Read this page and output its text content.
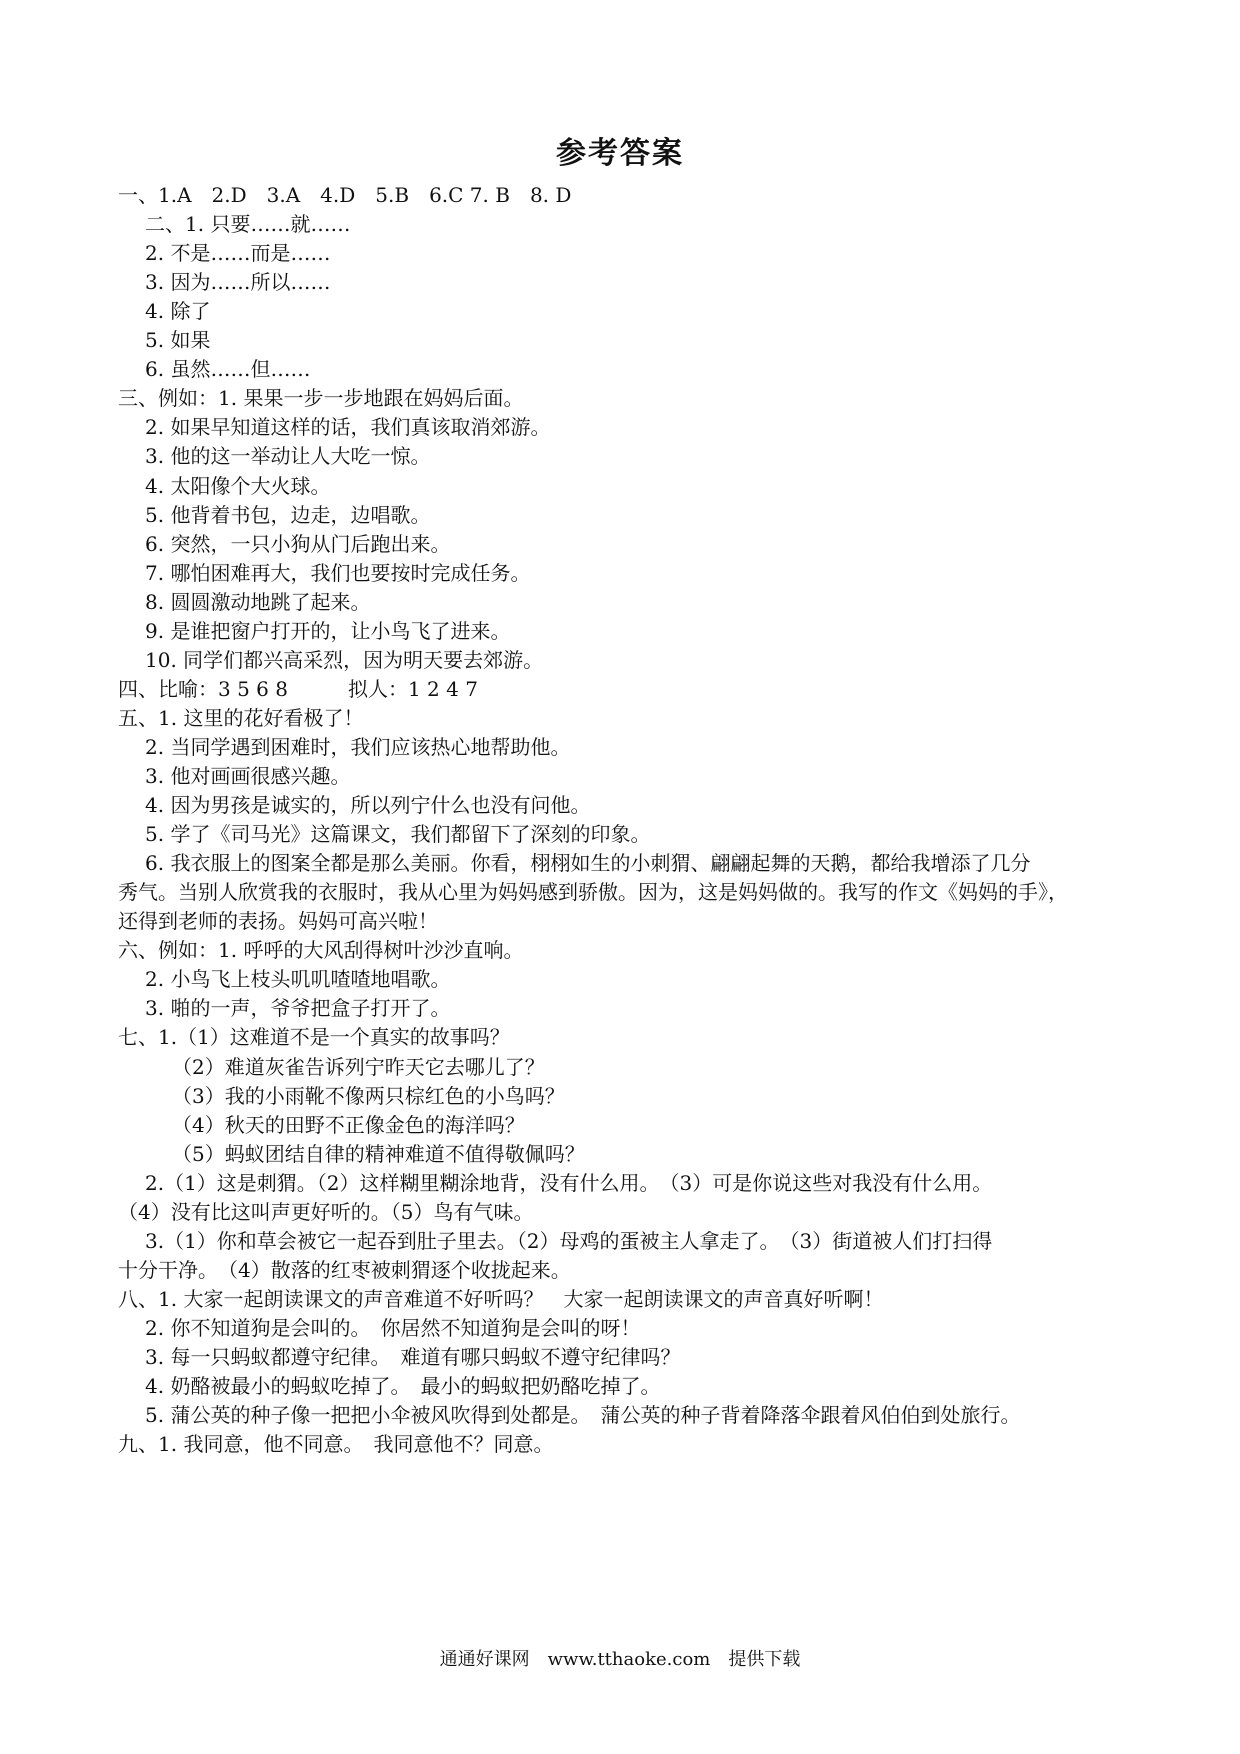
参考答案
一、1.A　2.D　3.A　4.D　5.B　6.C 7. B　8. D
二、1. 只要……就……
2. 不是……而是……
3. 因为……所以……
4. 除了
5. 如果
6. 虽然……但……
三、例如：1. 果果一步一步地跟在妈妈后面。
2. 如果早知道这样的话，我们真该取消郊游。
3. 他的这一举动让人大吃一惊。
4. 太阳像个大火球。
5. 他背着书包，边走，边唱歌。
6. 突然，一只小狗从门后跑出来。
7. 哪怕困难再大，我们也要按时完成任务。
8. 圆圆激动地跳了起来。
9. 是谁把窗户打开的，让小鸟飞了进来。
10. 同学们都兴高采烈，因为明天要去郊游。
四、比喻：3 5 6 8　　　拟人：1 2 4 7
五、1. 这里的花好看极了！
2. 当同学遇到困难时，我们应该热心地帮助他。
3. 他对画画很感兴趣。
4. 因为男孩是诚实的，所以列宁什么也没有问他。
5. 学了《司马光》这篇课文，我们都留下了深刻的印象。
6. 我衣服上的图案全都是那么美丽。你看，栩栩如生的小刺猬、翩翩起舞的天鹅，都给我增添了几分
秀气。当别人欣赏我的衣服时，我从心里为妈妈感到骄傲。因为，这是妈妈做的。我写的作文《妈妈的手》，
还得到老师的表扬。妈妈可高兴啦！
六、例如：1. 呼呼的大风刮得树叶沙沙直响。
2. 小鸟飞上枝头叽叽喳喳地唱歌。
3. 啪的一声，爷爷把盒子打开了。
七、1.（1）这难道不是一个真实的故事吗？
（2）难道灰雀告诉列宁昨天它去哪儿了？
（3）我的小雨靴不像两只棕红色的小鸟吗？
（4）秋天的田野不正像金色的海洋吗？
（5）蚂蚁团结自律的精神难道不值得敬佩吗？
2.（1）这是刺猬。（2）这样糊里糊涂地背，没有什么用。　（3）可是你说这些对我没有什么用。
（4）没有比这叫声更好听的。（5）鸟有气味。
3.（1）你和草会被它一起吞到肚子里去。（2）母鸡的蛋被主人拿走了。　（3）街道被人们打扫得
十分干净。　（4）散落的红枣被刺猬逐个收拢起来。
八、1. 大家一起朗读课文的声音难道不好听吗？　大家一起朗读课文的声音真好听啊！
2. 你不知道狗是会叫的。　你居然不知道狗是会叫的呀！
3. 每一只蚂蚁都遵守纪律。　难道有哪只蚂蚁不遵守纪律吗？
4. 奶酪被最小的蚂蚁吃掉了。　最小的蚂蚁把奶酪吃掉了。
5. 蒲公英的种子像一把把小伞被风吹得到处都是。　蒲公英的种子背着降落伞跟着风伯伯到处旅行。
九、1. 我同意，他不同意。　我同意他不？同意。
通通好课网　www.tthaoke.com　提供下载
